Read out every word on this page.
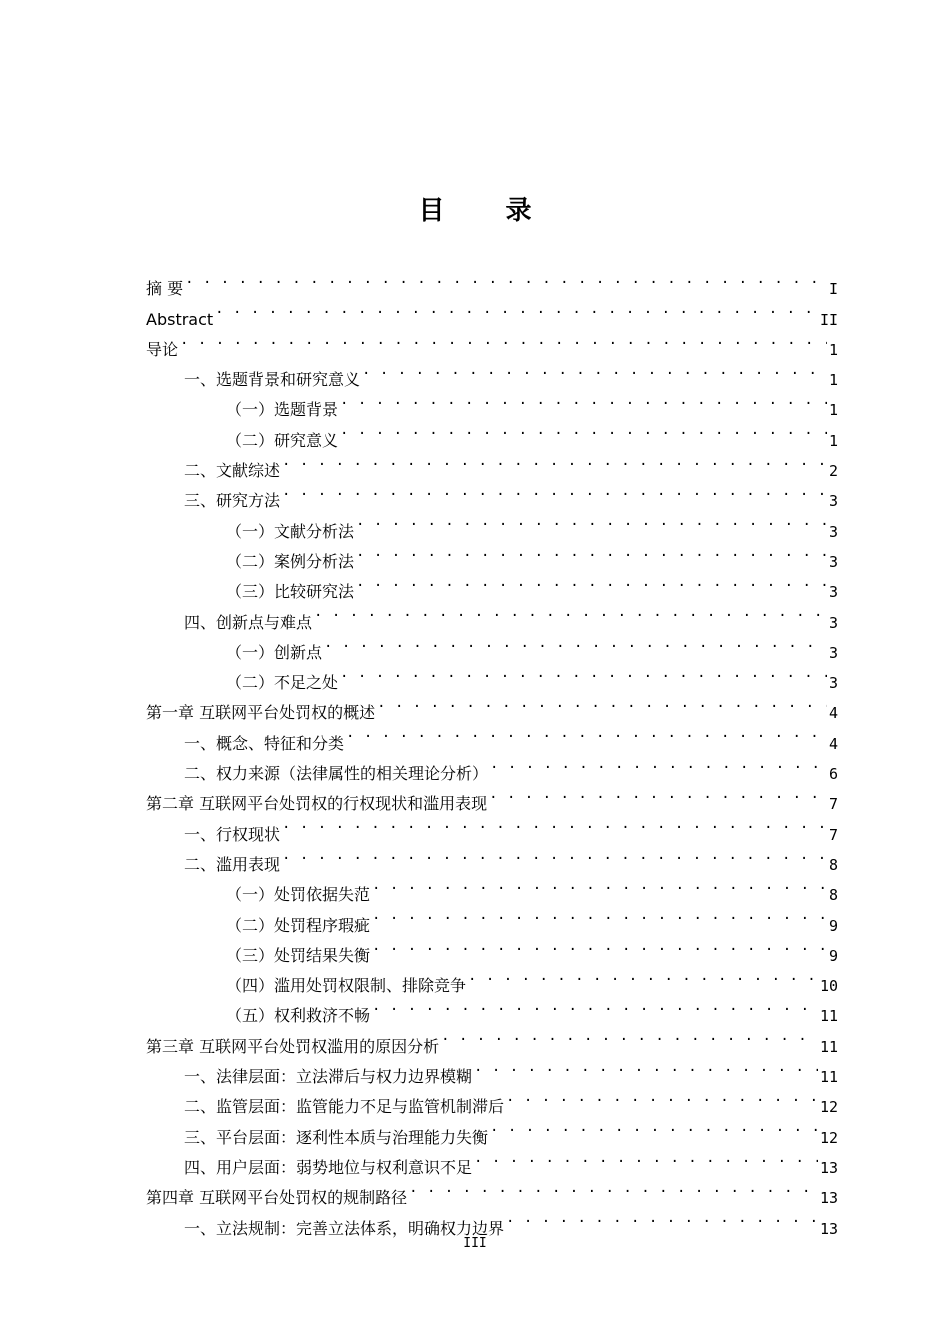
目 录
摘 要 . . .	I
Abstract . . .	II
导论 . . .	1
一、选题背景和研究意义 . . .	1
（一）选题背景 . . .	1
（二）研究意义 . . .	1
二、文献综述 . . .	2
三、研究方法 . . .	3
（一）文献分析法 . . .	3
（二）案例分析法 . . .	3
（三）比较研究法 . . .	3
四、创新点与难点 . . .	3
（一）创新点 . . .	3
（二）不足之处 . . .	3
第一章 互联网平台处罚权的概述 . . .	4
一、概念、特征和分类 . . .	4
二、权力来源（法律属性的相关理论分析） . . .	6
第二章 互联网平台处罚权的行权现状和滥用表现 . . .	7
一、行权现状 . . .	7
二、滥用表现 . . .	8
（一）处罚依据失范 . . .	8
（二）处罚程序瑕疵 . . .	9
（三）处罚结果失衡 . . .	9
（四）滥用处罚权限制、排除竞争 . . .	10
（五）权利救济不畅 . . .	11
第三章 互联网平台处罚权滥用的原因分析 . . .	11
一、法律层面：立法滞后与权力边界模糊 . . .	11
二、监管层面：监管能力不足与监管机制滞后 . . .	12
三、平台层面：逐利性本质与治理能力失衡 . . .	12
四、用户层面：弱势地位与权利意识不足 . . .	13
第四章 互联网平台处罚权的规制路径 . . .	13
一、立法规制：完善立法体系，明确权力边界 . . .	13
III
